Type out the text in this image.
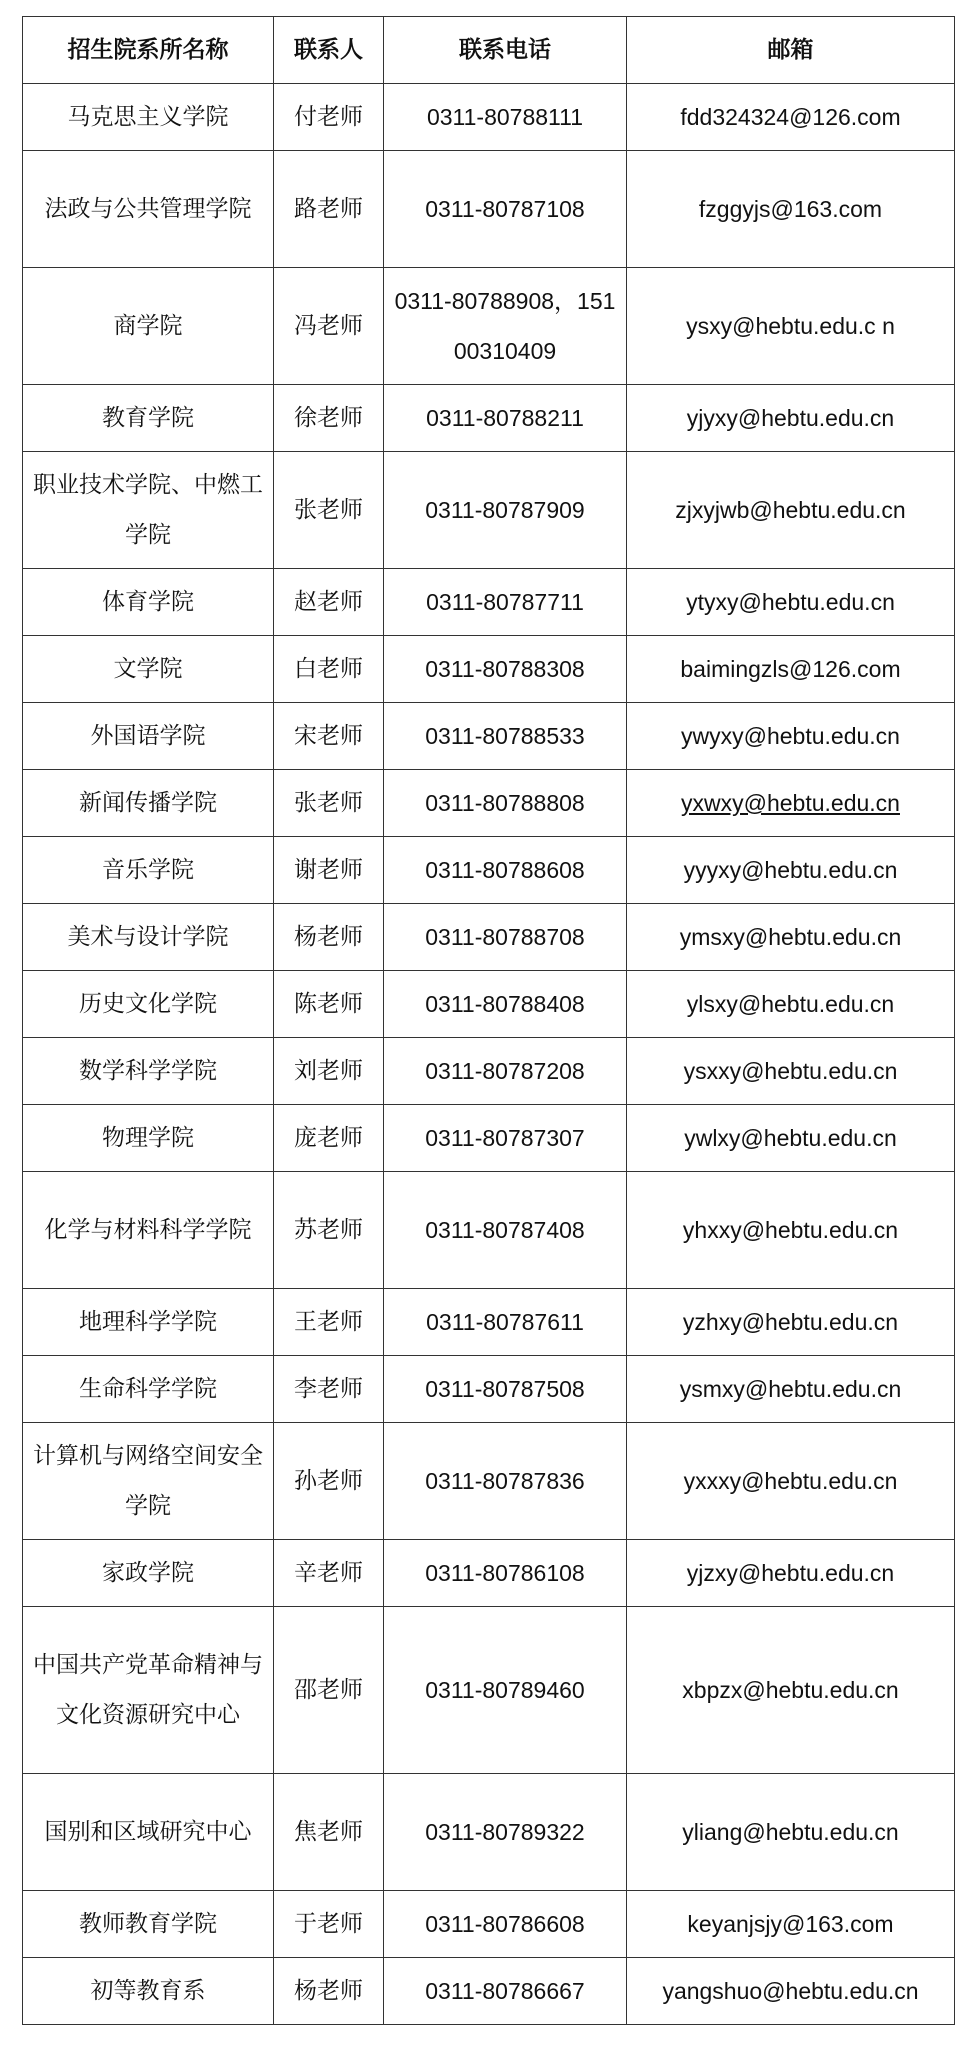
招生院系所名称	联系人	联系电话	邮箱
马克思主义学院	付老师	0311-80788111	fdd324324@126.com
法政与公共管理学院	路老师	0311-80787108	fzggyjs@163.com
商学院	冯老师	0311-80788908，15100310409	ysxy@hebtu.edu.c n
教育学院	徐老师	0311-80788211	yjyxy@hebtu.edu.cn
职业技术学院、中燃工学院	张老师	0311-80787909	zjxyjwb@hebtu.edu.cn
体育学院	赵老师	0311-80787711	ytyxy@hebtu.edu.cn
文学院	白老师	0311-80788308	baimingzls@126.com
外国语学院	宋老师	0311-80788533	ywyxy@hebtu.edu.cn
新闻传播学院	张老师	0311-80788808	yxwxy@hebtu.edu.cn
音乐学院	谢老师	0311-80788608	yyyxy@hebtu.edu.cn
美术与设计学院	杨老师	0311-80788708	ymsxy@hebtu.edu.cn
历史文化学院	陈老师	0311-80788408	ylsxy@hebtu.edu.cn
数学科学学院	刘老师	0311-80787208	ysxxy@hebtu.edu.cn
物理学院	庞老师	0311-80787307	ywlxy@hebtu.edu.cn
化学与材料科学学院	苏老师	0311-80787408	yhxxy@hebtu.edu.cn
地理科学学院	王老师	0311-80787611	yzhxy@hebtu.edu.cn
生命科学学院	李老师	0311-80787508	ysmxy@hebtu.edu.cn
计算机与网络空间安全学院	孙老师	0311-80787836	yxxxy@hebtu.edu.cn
家政学院	辛老师	0311-80786108	yjzxy@hebtu.edu.cn
中国共产党革命精神与文化资源研究中心	邵老师	0311-80789460	xbpzx@hebtu.edu.cn
国别和区域研究中心	焦老师	0311-80789322	yliang@hebtu.edu.cn
教师教育学院	于老师	0311-80786608	keyanjsjy@163.com
初等教育系	杨老师	0311-80786667	yangshuo@hebtu.edu.cn
